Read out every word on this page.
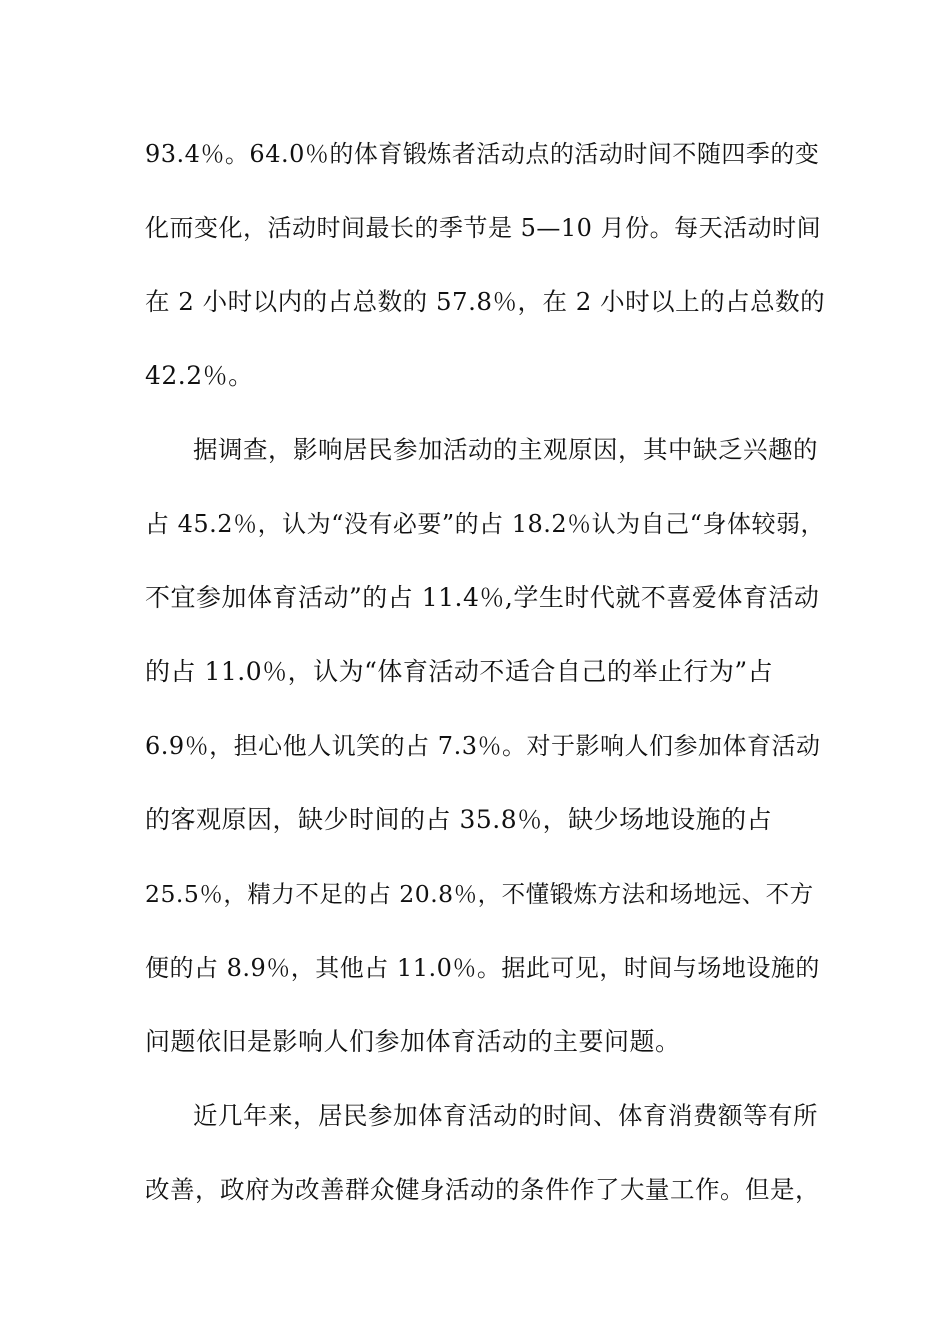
93.4％。64.0％的体育锻炼者活动点的活动时间不随四季的变
化而变化，活动时间最长的季节是 5—10 月份。每天活动时间
在 2 小时以内的占总数的 57.8％，在 2 小时以上的占总数的
42.2％。
据调查，影响居民参加活动的主观原因，其中缺乏兴趣的
占 45.2％，认为“没有必要”的占 18.2％认为自己“身体较弱，
不宜参加体育活动”的占 11.4％,学生时代就不喜爱体育活动
的占 11.0％，认为“体育活动不适合自己的举止行为”占
6.9％，担心他人讥笑的占 7.3％。对于影响人们参加体育活动
的客观原因，缺少时间的占 35.8％，缺少场地设施的占
25.5％，精力不足的占 20.8％，不懂锻炼方法和场地远、不方
便的占 8.9％，其他占 11.0％。据此可见，时间与场地设施的
问题依旧是影响人们参加体育活动的主要问题。
近几年来，居民参加体育活动的时间、体育消费额等有所
改善，政府为改善群众健身活动的条件作了大量工作。但是，
